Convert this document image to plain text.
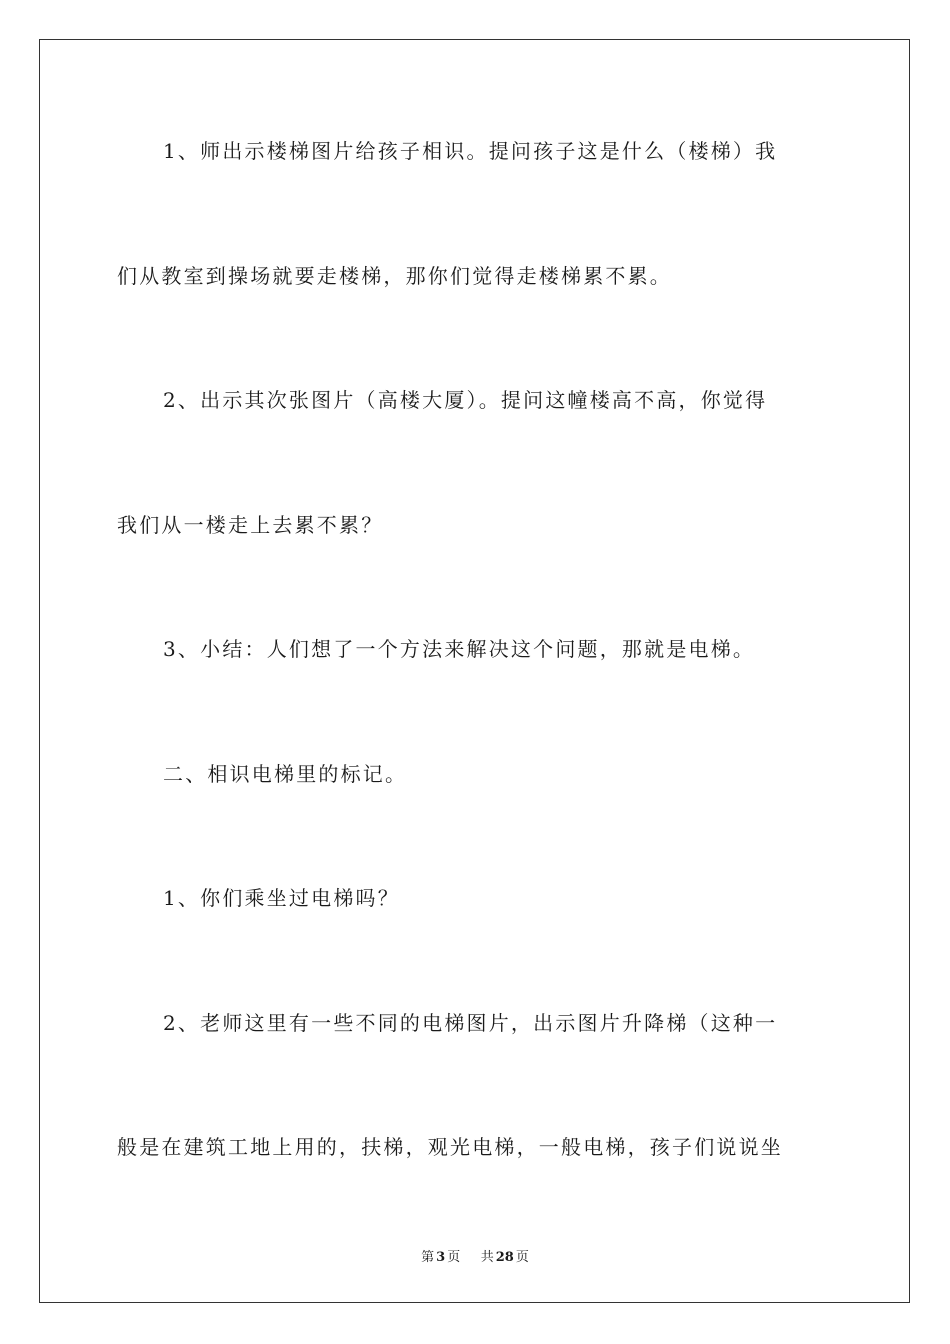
1、师出示楼梯图片给孩子相识。提问孩子这是什么（楼梯）我
们从教室到操场就要走楼梯，那你们觉得走楼梯累不累。
2、出示其次张图片（高楼大厦）。提问这幢楼高不高，你觉得
我们从一楼走上去累不累？
3、小结：人们想了一个方法来解决这个问题，那就是电梯。
二、相识电梯里的标记。
1、你们乘坐过电梯吗？
2、老师这里有一些不同的电梯图片，出示图片升降梯（这种一
般是在建筑工地上用的，扶梯，观光电梯，一般电梯，孩子们说说坐
第 3 页 共 28 页
